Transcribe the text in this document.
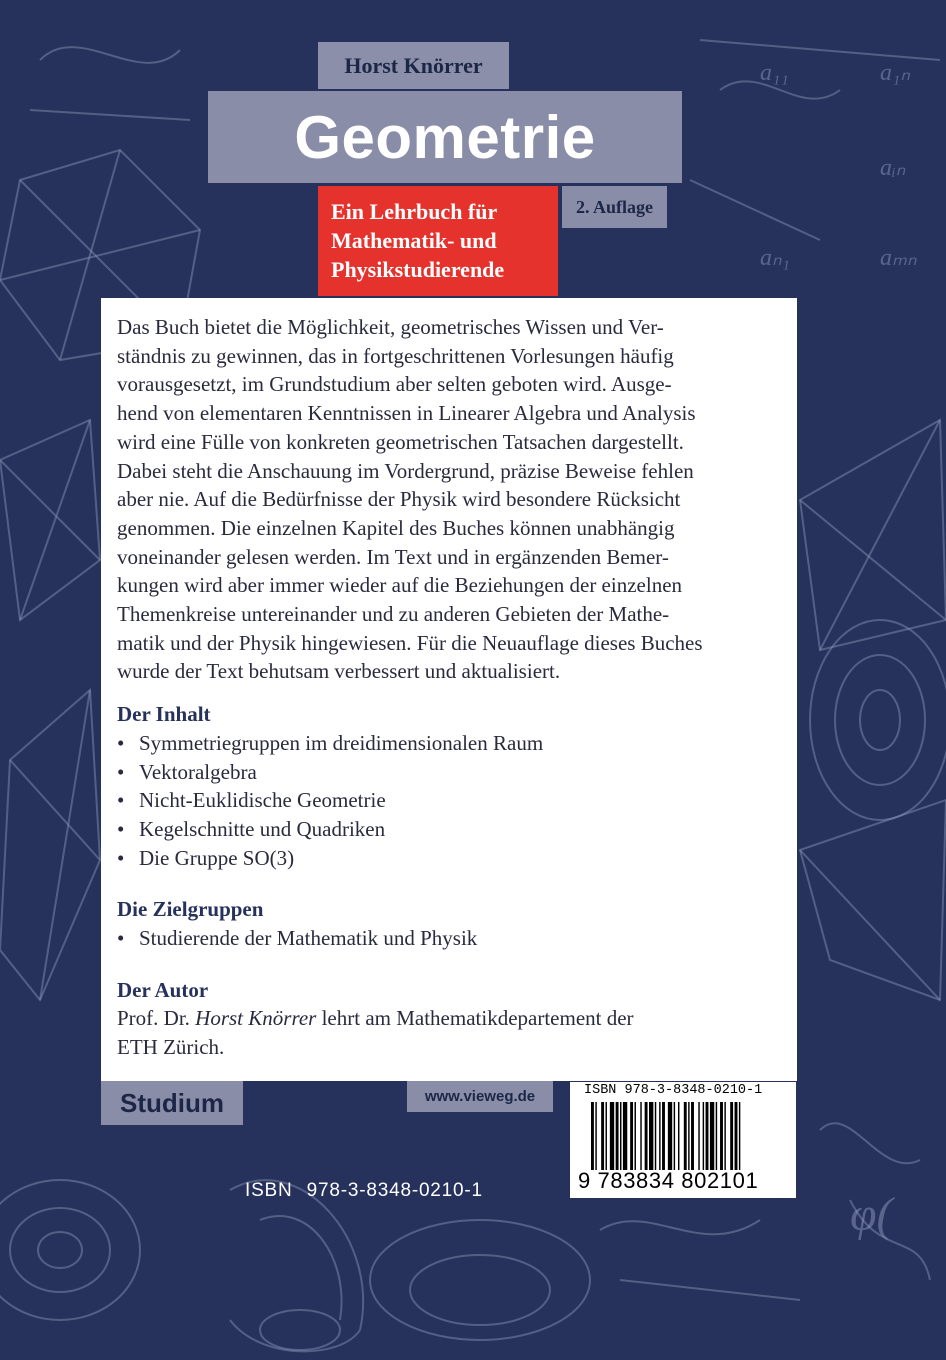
a₁₁	a₁ₙ
aᵢₙ
aₙ₁	aₘₙ
φ(
Horst Knörrer
Geometrie
Ein Lehrbuch für
Mathematik- und
Physikstudierende
2. Auflage
Das Buch bietet die Möglichkeit, geometrisches Wissen und Ver-
ständnis zu gewinnen, das in fortgeschrittenen Vorlesungen häufig
vorausgesetzt, im Grundstudium aber selten geboten wird. Ausge-
hend von elementaren Kenntnissen in Linearer Algebra und Analysis
wird eine Fülle von konkreten geometrischen Tatsachen dargestellt.
Dabei steht die Anschauung im Vordergrund, präzise Beweise fehlen
aber nie. Auf die Bedürfnisse der Physik wird besondere Rücksicht
genommen. Die einzelnen Kapitel des Buches können unabhängig
voneinander gelesen werden. Im Text und in ergänzenden Bemer-
kungen wird aber immer wieder auf die Beziehungen der einzelnen
Themenkreise untereinander und zu anderen Gebieten der Mathe-
matik und der Physik hingewiesen. Für die Neuauflage dieses Buches
wurde der Text behutsam verbessert und aktualisiert.
Der Inhalt
• Symmetriegruppen im dreidimensionalen Raum
• Vektoralgebra
• Nicht-Euklidische Geometrie
• Kegelschnitte und Quadriken
• Die Gruppe SO(3)
Die Zielgruppen
• Studierende der Mathematik und Physik
Der Autor
Prof. Dr. Horst Knörrer lehrt am Mathematikdepartement der
ETH Zürich.
Studium	www.vieweg.de
ISBN 978-3-8348-0210-1
ISBN 978-3-8348-0210-1
9 783834 802101
